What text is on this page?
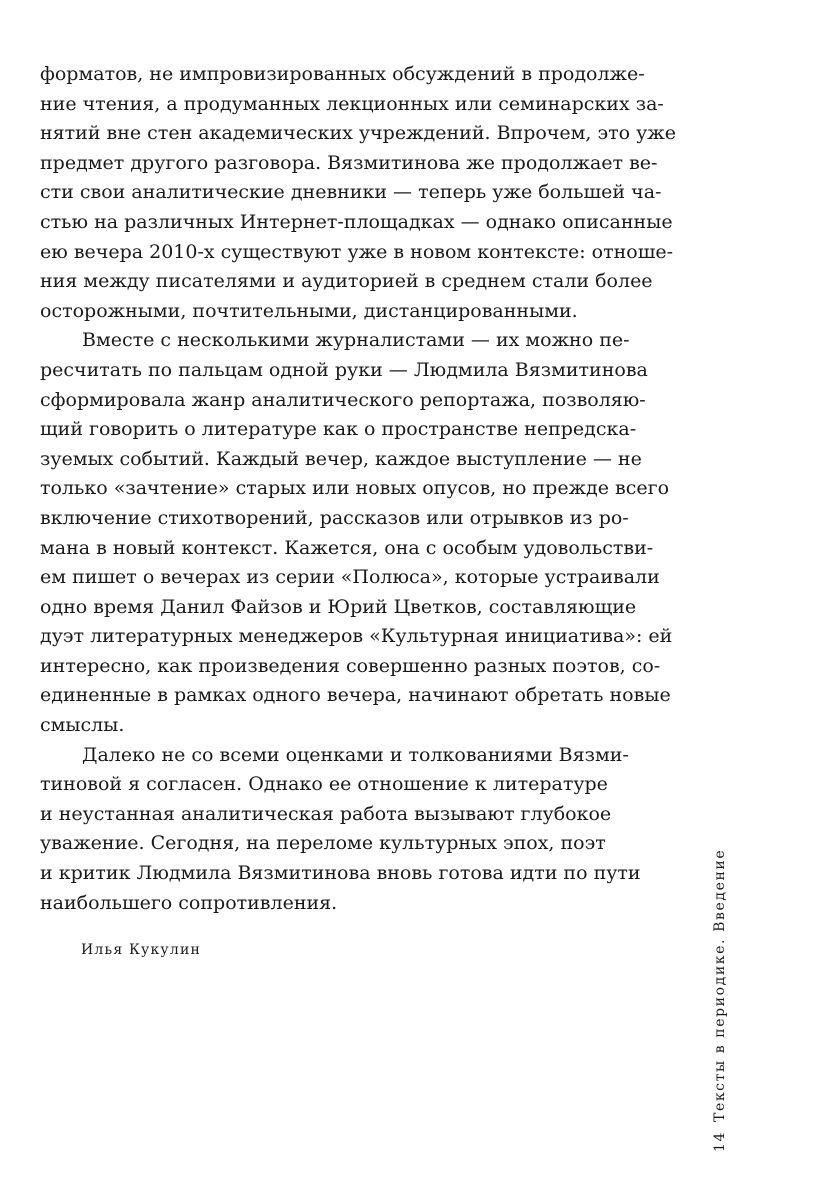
форматов, не импровизированных обсуждений в продолже-
ние чтения, а продуманных лекционных или семинарских за-
нятий вне стен академических учреждений. Впрочем, это уже
предмет другого разговора. Вязмитинова же продолжает ве-
сти свои аналитические дневники — теперь уже большей ча-
стью на различных Интернет-площадках — однако описанные
ею вечера 2010-х существуют уже в новом контексте: отноше-
ния между писателями и аудиторией в среднем стали более
осторожными, почтительными, дистанцированными.
Вместе с несколькими журналистами — их можно пе-
ресчитать по пальцам одной руки — Людмила Вязмитинова
сформировала жанр аналитического репортажа, позволяю-
щий говорить о литературе как о пространстве непредска-
зуемых событий. Каждый вечер, каждое выступление — не
только «зачтение» старых или новых опусов, но прежде всего
включение стихотворений, рассказов или отрывков из ро-
мана в новый контекст. Кажется, она с особым удовольстви-
ем пишет о вечерах из серии «Полюса», которые устраивали
одно время Данил Файзов и Юрий Цветков, составляющие
дуэт литературных менеджеров «Культурная инициатива»: ей
интересно, как произведения совершенно разных поэтов, со-
единенные в рамках одного вечера, начинают обретать новые
смыслы.
Далеко не со всеми оценками и толкованиями Вязми-
тиновой я согласен. Однако ее отношение к литературе
и неустанная аналитическая работа вызывают глубокое
уважение. Сегодня, на переломе культурных эпох, поэт
и критик Людмила Вязмитинова вновь готова идти по пути
наибольшего сопротивления.
Илья Кукулин	Тексты в периодике. Введение
14
